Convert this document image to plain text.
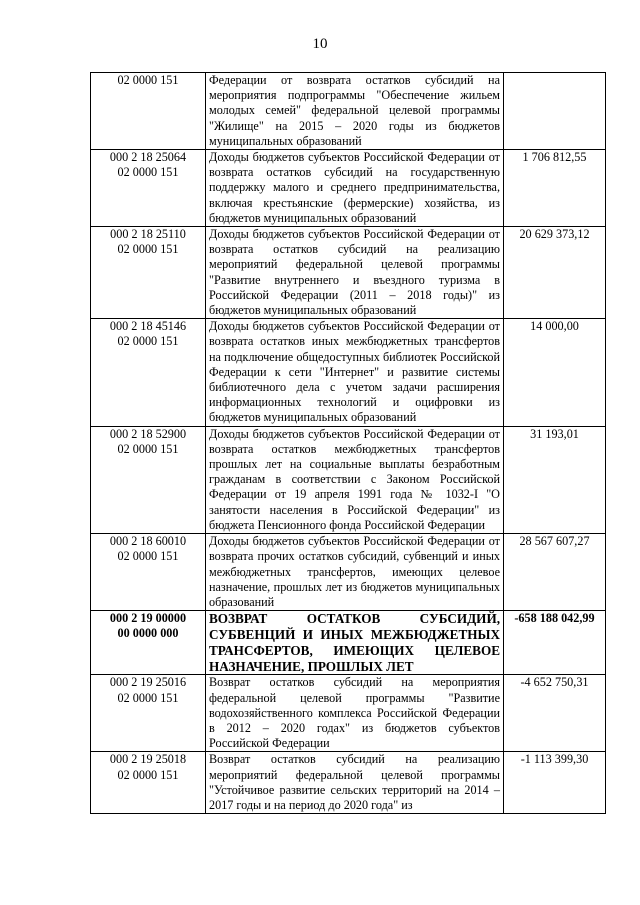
10
02 0000 151	Федерации от возврата остатков субсидий на мероприятия подпрограммы "Обеспечение жильем молодых семей" федеральной целевой программы "Жилище" на 2015 – 2020 годы из бюджетов муниципальных образований	

000 2 18 25064
02 0000 151	Доходы бюджетов субъектов Российской Федерации от возврата остатков субсидий на государственную поддержку малого и среднего предпринимательства, включая крестьянские (фермерские) хозяйства, из бюджетов муниципальных образований	1 706 812,55

000 2 18 25110
02 0000 151	Доходы бюджетов субъектов Российской Федерации от возврата остатков субсидий на реализацию мероприятий федеральной целевой программы "Развитие внутреннего и въездного туризма в Российской Федерации (2011 – 2018 годы)" из бюджетов муниципальных образований	20 629 373,12

000 2 18 45146
02 0000 151	Доходы бюджетов субъектов Российской Федерации от возврата остатков иных межбюджетных трансфертов на подключение общедоступных библиотек Российской Федерации к сети "Интернет" и развитие системы библиотечного дела с учетом задачи расширения информационных технологий и оцифровки из бюджетов муниципальных образований	14 000,00

000 2 18 52900
02 0000 151	Доходы бюджетов субъектов Российской Федерации от возврата остатков межбюджетных трансфертов прошлых лет на социальные выплаты безработным гражданам в соответствии с Законом Российской Федерации от 19 апреля 1991 года № 1032-I "О занятости населения в Российской Федерации" из бюджета Пенсионного фонда Российской Федерации	31 193,01

000 2 18 60010
02 0000 151	Доходы бюджетов субъектов Российской Федерации от возврата прочих остатков субсидий, субвенций и иных межбюджетных трансфертов, имеющих целевое назначение, прошлых лет из бюджетов муниципальных образований	28 567 607,27

000 2 19 00000
00 0000 000	ВОЗВРАТ ОСТАТКОВ СУБСИДИЙ, СУБВЕНЦИЙ И ИНЫХ МЕЖБЮДЖЕТНЫХ ТРАНСФЕРТОВ, ИМЕЮЩИХ ЦЕЛЕВОЕ НАЗНАЧЕНИЕ, ПРОШЛЫХ ЛЕТ	-658 188 042,99

000 2 19 25016
02 0000 151	Возврат остатков субсидий на мероприятия федеральной целевой программы "Развитие водохозяйственного комплекса Российской Федерации в 2012 – 2020 годах" из бюджетов субъектов Российской Федерации	-4 652 750,31

000 2 19 25018
02 0000 151	Возврат остатков субсидий на реализацию мероприятий федеральной целевой программы "Устойчивое развитие сельских территорий на 2014 – 2017 годы и на период до 2020 года" из	-1 113 399,30
